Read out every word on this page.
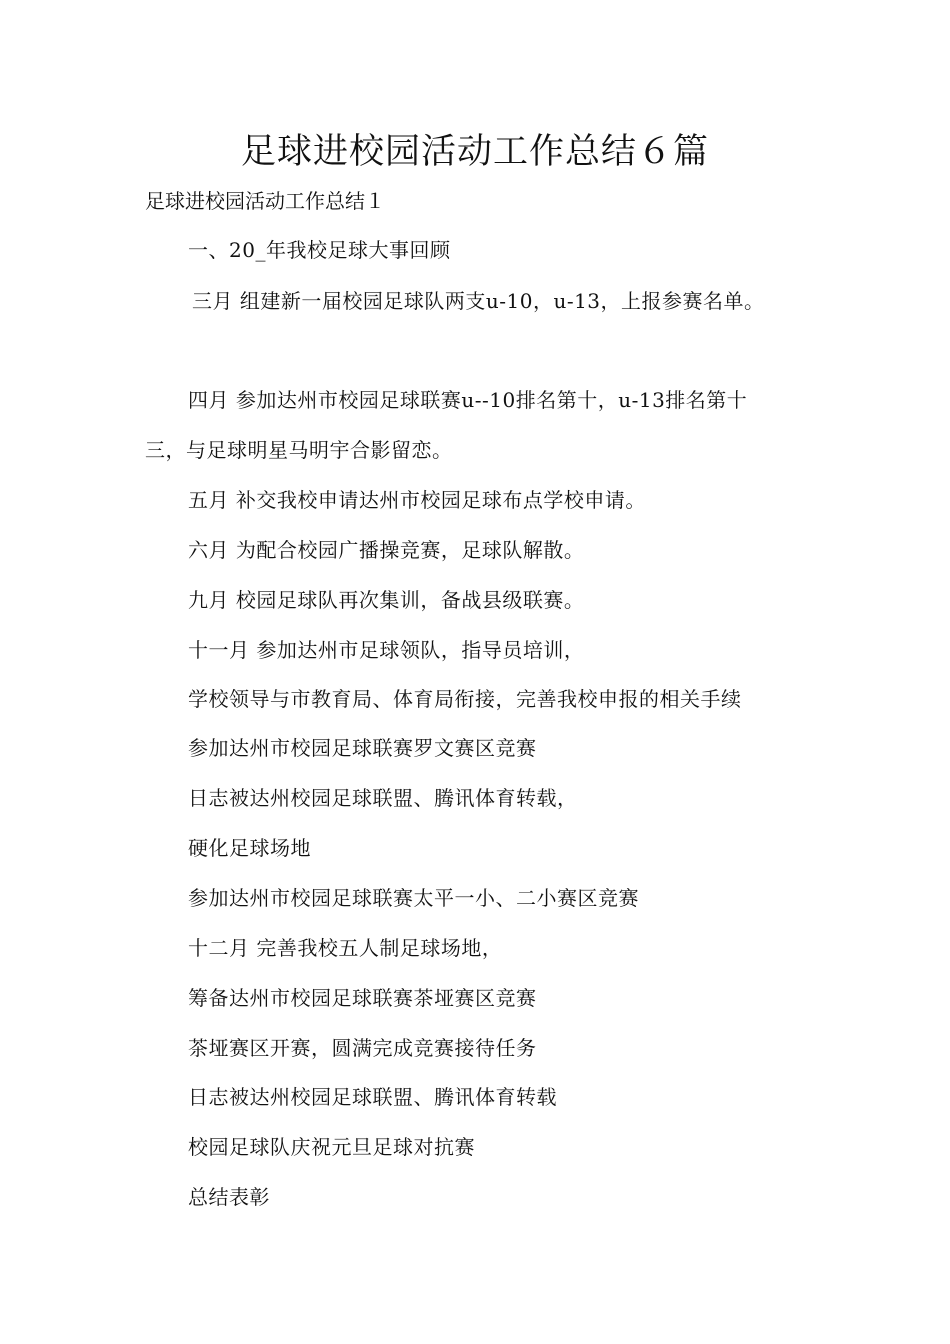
足球进校园活动工作总结６篇
足球进校园活动工作总结１
一、20_年我校足球大事回顾
三月 组建新一届校园足球队两支u-10，u-13，上报参赛名单。
四月 参加达州市校园足球联赛u--10排名第十，u-13排名第十
三，与足球明星马明宇合影留恋。
五月 补交我校申请达州市校园足球布点学校申请。
六月 为配合校园广播操竞赛，足球队解散。
九月 校园足球队再次集训，备战县级联赛。
十一月 参加达州市足球领队，指导员培训，
学校领导与市教育局、体育局衔接，完善我校申报的相关手续
参加达州市校园足球联赛罗文赛区竞赛
日志被达州校园足球联盟、腾讯体育转载，
硬化足球场地
参加达州市校园足球联赛太平一小、二小赛区竞赛
十二月 完善我校五人制足球场地，
筹备达州市校园足球联赛茶垭赛区竞赛
茶垭赛区开赛，圆满完成竞赛接待任务
日志被达州校园足球联盟、腾讯体育转载
校园足球队庆祝元旦足球对抗赛
总结表彰
